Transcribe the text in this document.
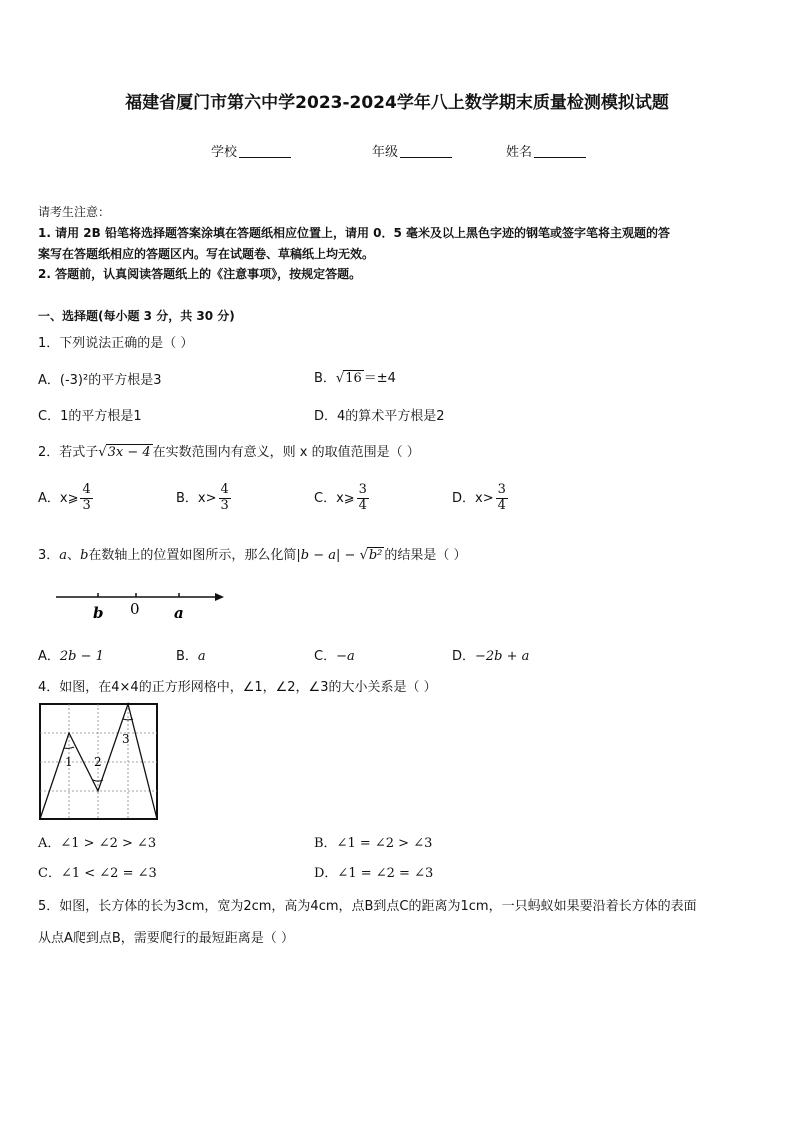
福建省厦门市第六中学2023-2024学年八上数学期末质量检测模拟试题
学校	年级	姓名
请考生注意：
1. 请用 2B 铅笔将选择题答案涂填在答题纸相应位置上，请用 0．5 毫米及以上黑色字迹的钢笔或签字笔将主观题的答
案写在答题纸相应的答题区内。写在试题卷、草稿纸上均无效。
2. 答题前，认真阅读答题纸上的《注意事项》，按规定答题。
一、选择题(每小题 3 分，共 30 分)
1．下列说法正确的是（ ）
A．(-3)²的平方根是3	B．√16 ＝±4
C．1的平方根是1	D．4的算术平方根是2
2．若式子√3x − 4 在实数范围内有意义，则 x 的取值范围是（ ）
A．x⩾ $\frac{4}{3}$	B．$x> \frac{4}{3}$	C．x⩾ $\frac{3}{4}$	D．$x> \frac{3}{4}$
3．a、b在数轴上的位置如图所示，那么化简|b − a| − √b² 的结果是（ ）
b 0 a
A．2b − 1	B．a	C．−a	D．−2b + a
4．如图，在4×4的正方形网格中，∠1，∠2，∠3的大小关系是（ ）
1 2
3
A．∠1 > ∠2 > ∠3	B．∠1 = ∠2 > ∠3
C．∠1 < ∠2 = ∠3	D．∠1 = ∠2 = ∠3
5．如图，长方体的长为3cm，宽为2cm，高为4cm，点B到点C的距离为1cm，一只蚂蚁如果要沿着长方体的表面
从点A爬到点B，需要爬行的最短距离是（ ）
